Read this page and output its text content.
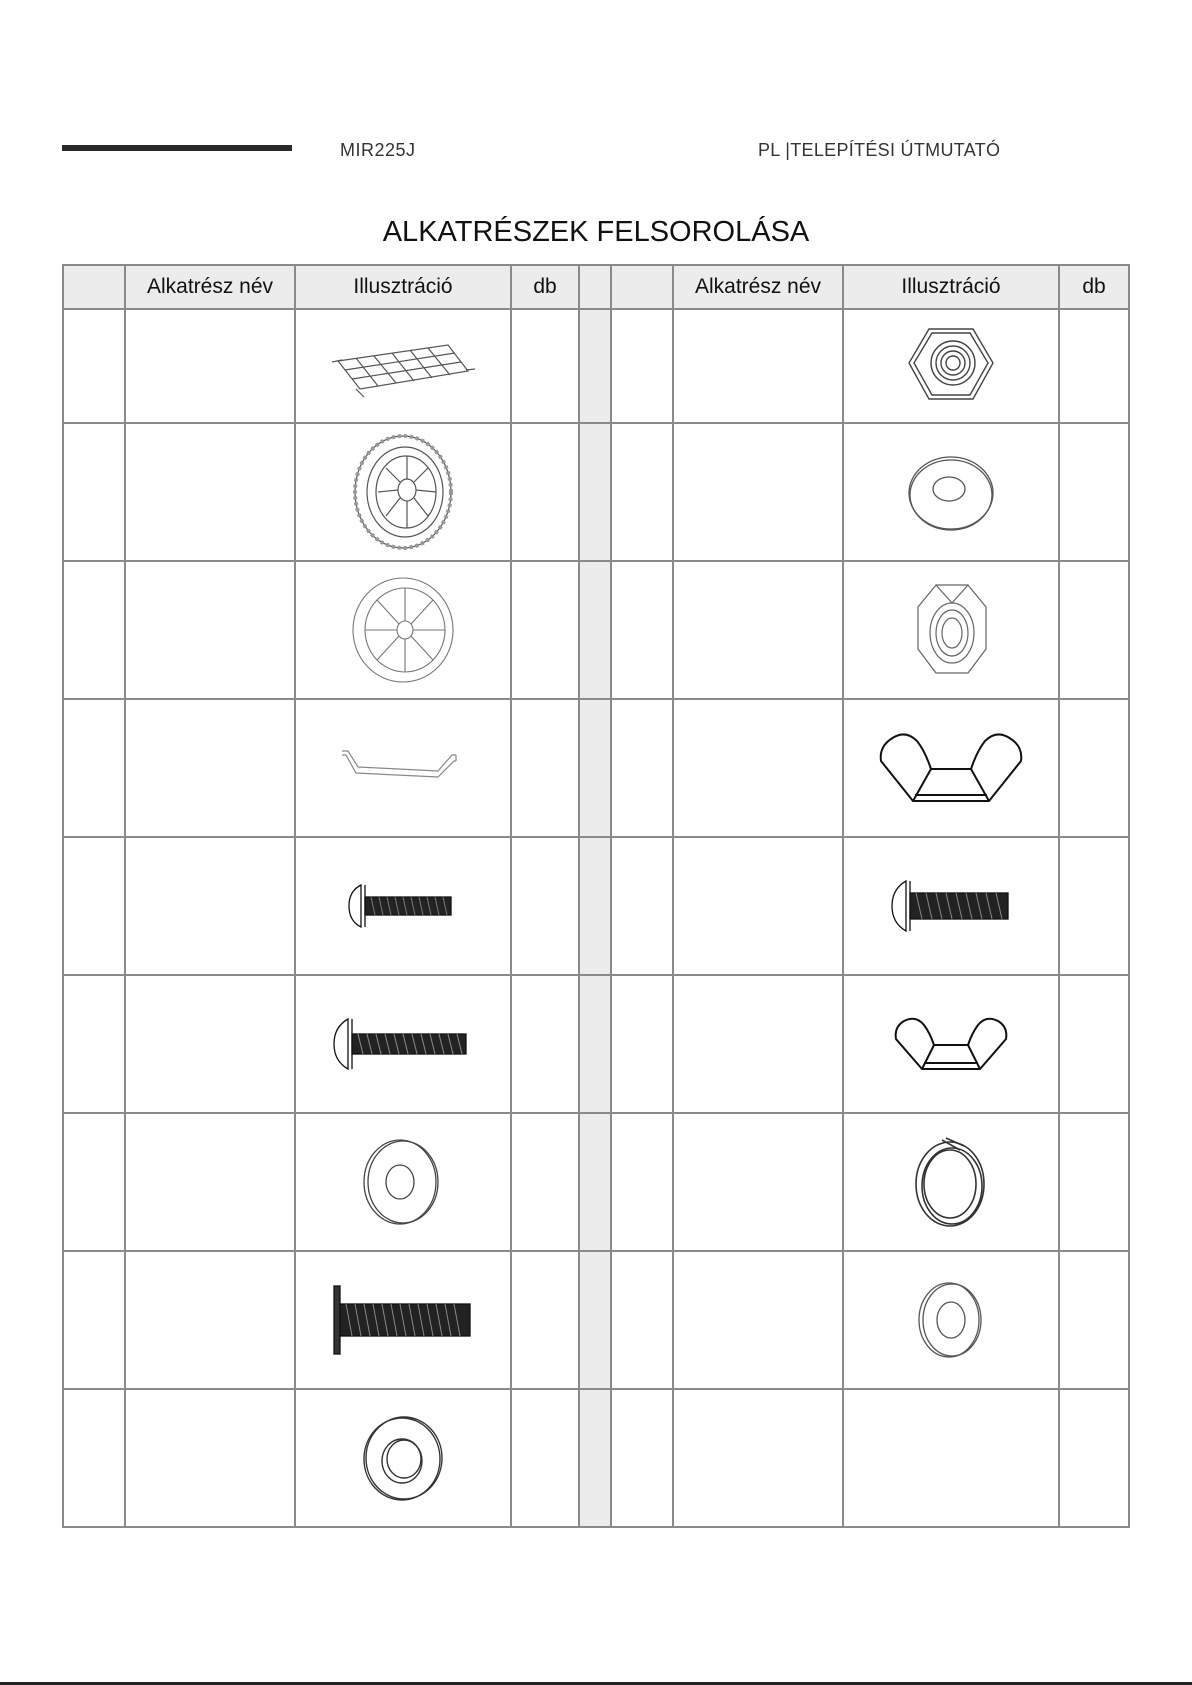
MIR225J	PL |TELEPÍTÉSI ÚTMUTATÓ
ALKATRÉSZEK FELSOROLÁSA
	Alkatrész név	Illusztráció	db			Alkatrész név	Illusztráció	db
